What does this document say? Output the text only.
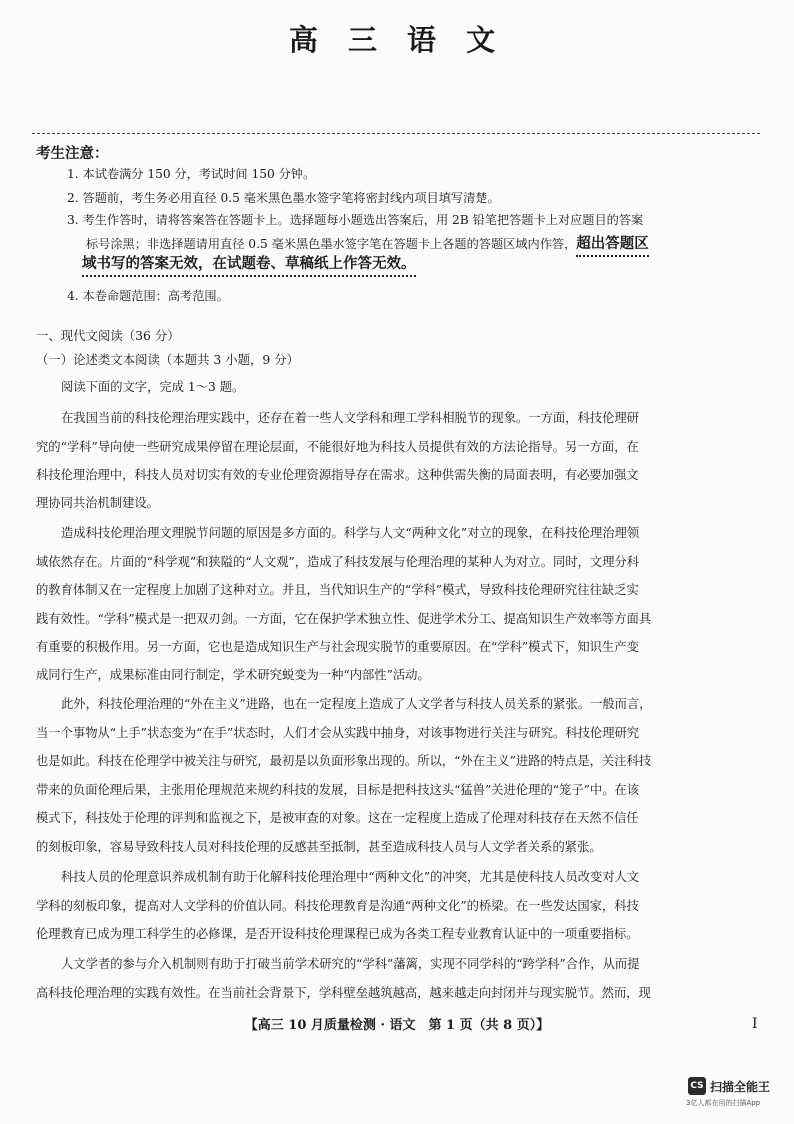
高 三 语 文
考生注意：
1. 本试卷满分 150 分，考试时间 150 分钟。
2. 答题前，考生务必用直径 0.5 毫米黑色墨水签字笔将密封线内项目填写清楚。
3. 考生作答时，请将答案答在答题卡上。选择题每小题选出答案后，用 2B 铅笔把答题卡上对应题目的答案
标号涂黑；非选择题请用直径 0.5 毫米黑色墨水签字笔在答题卡上各题的答题区域内作答，超出答题区
域书写的答案无效，在试题卷、草稿纸上作答无效。
4. 本卷命题范围：高考范围。
一、现代文阅读（36 分）
（一）论述类文本阅读（本题共 3 小题，9 分）
阅读下面的文字，完成 1～3 题。
在我国当前的科技伦理治理实践中，还存在着一些人文学科和理工学科相脱节的现象。一方面，科技伦理研
究的“学科”导向使一些研究成果停留在理论层面，不能很好地为科技人员提供有效的方法论指导。另一方面，在
科技伦理治理中，科技人员对切实有效的专业伦理资源指导存在需求。这种供需失衡的局面表明，有必要加强文
理协同共治机制建设。
造成科技伦理治理文理脱节问题的原因是多方面的。科学与人文“两种文化”对立的现象，在科技伦理治理领
域依然存在。片面的“科学观”和狭隘的“人文观”，造成了科技发展与伦理治理的某种人为对立。同时，文理分科
的教育体制又在一定程度上加剧了这种对立。并且，当代知识生产的“学科”模式，导致科技伦理研究往往缺乏实
践有效性。“学科”模式是一把双刃剑。一方面，它在保护学术独立性、促进学术分工、提高知识生产效率等方面具
有重要的积极作用。另一方面，它也是造成知识生产与社会现实脱节的重要原因。在“学科”模式下，知识生产变
成同行生产，成果标准由同行制定，学术研究蜕变为一种“内部性”活动。
此外，科技伦理治理的“外在主义”进路，也在一定程度上造成了人文学者与科技人员关系的紧张。一般而言，
当一个事物从“上手”状态变为“在手”状态时，人们才会从实践中抽身，对该事物进行关注与研究。科技伦理研究
也是如此。科技在伦理学中被关注与研究，最初是以负面形象出现的。所以，“外在主义”进路的特点是，关注科技
带来的负面伦理后果，主张用伦理规范来规约科技的发展，目标是把科技这头“猛兽”关进伦理的“笼子”中。在该
模式下，科技处于伦理的评判和监视之下，是被审查的对象。这在一定程度上造成了伦理对科技存在天然不信任
的刻板印象，容易导致科技人员对科技伦理的反感甚至抵制，甚至造成科技人员与人文学者关系的紧张。
科技人员的伦理意识养成机制有助于化解科技伦理治理中“两种文化”的冲突，尤其是使科技人员改变对人文
学科的刻板印象，提高对人文学科的价值认同。科技伦理教育是沟通“两种文化”的桥梁。在一些发达国家，科技
伦理教育已成为理工科学生的必修课，是否开设科技伦理课程已成为各类工程专业教育认证中的一项重要指标。
人文学者的参与介入机制则有助于打破当前学术研究的“学科”藩篱，实现不同学科的“跨学科”合作，从而提
高科技伦理治理的实践有效性。在当前社会背景下，学科壁垒越筑越高，越来越走向封闭并与现实脱节。然而，现
【高三 10 月质量检测 · 语文　第 1 页（共 8 页）】	I
CS 扫描全能王
3亿人都在用的扫描App
